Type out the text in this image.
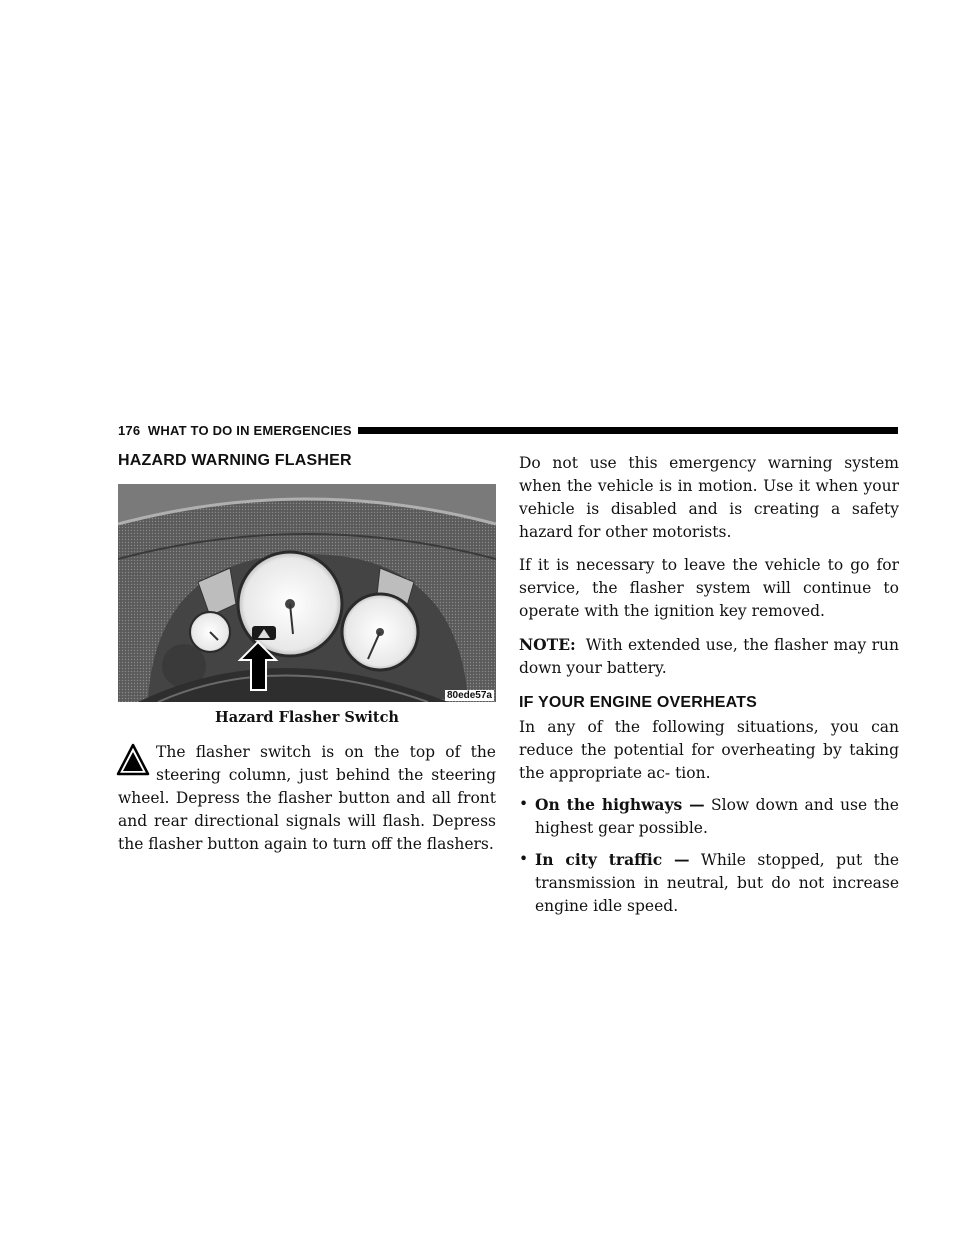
176 WHAT TO DO IN EMERGENCIES
HAZARD WARNING FLASHER
80ede57a

Hazard Flasher Switch

The flasher switch is on the top of the steering column, just behind the steering wheel. Depress the flasher button and all front and rear directional signals will flash. Depress the flasher button again to turn off the flashers.

Do not use this emergency warning system when the vehicle is in motion. Use it when your vehicle is disabled and is creating a safety hazard for other motorists.

If it is necessary to leave the vehicle to go for service, the flasher system will continue to operate with the ignition key removed.

NOTE: With extended use, the flasher may run down your battery.

IF YOUR ENGINE OVERHEATS

In any of the following situations, you can reduce the potential for overheating by taking the appropriate ac- tion.

• On the highways — Slow down and use the highest gear possible.
• In city traffic — While stopped, put the transmission in neutral, but do not increase engine idle speed.
